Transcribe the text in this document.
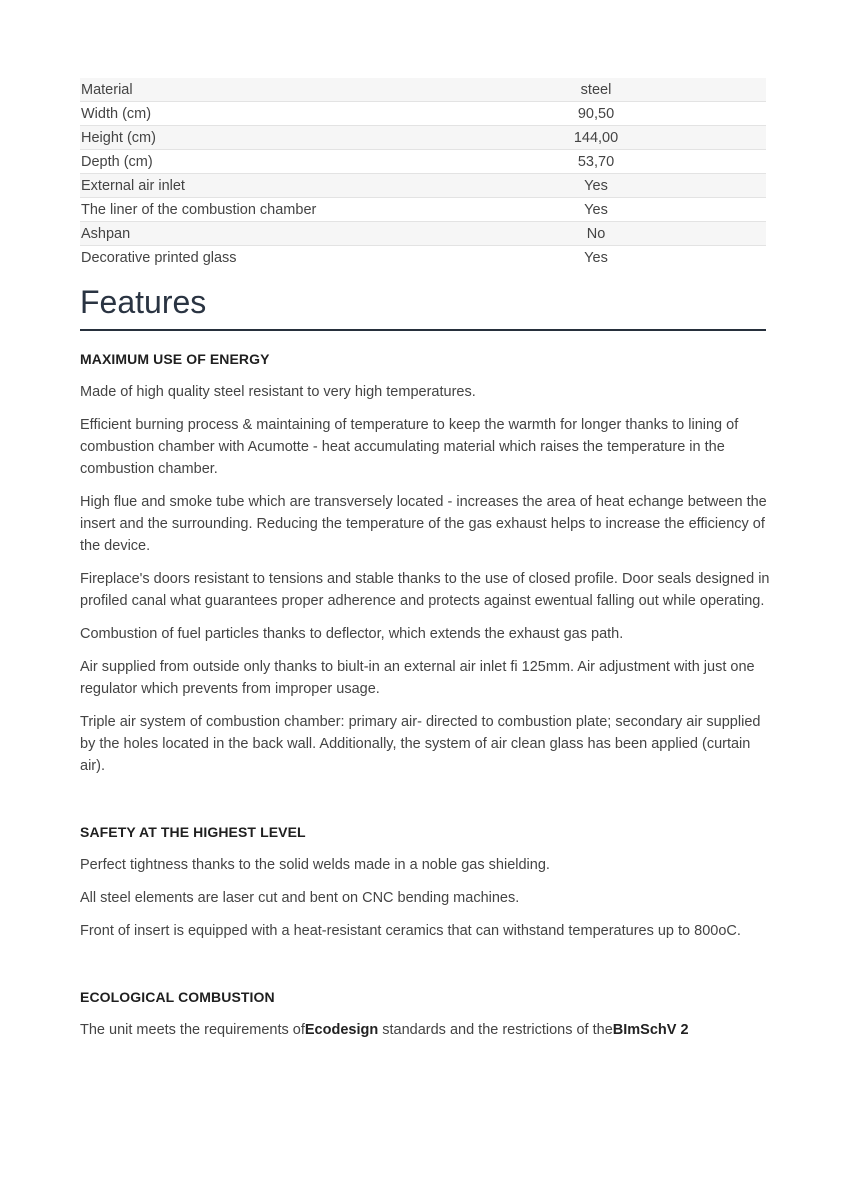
Material	steel
Width (cm)	90,50
Height (cm)	144,00
Depth (cm)	53,70
External air inlet	Yes
The liner of the combustion chamber	Yes
Ashpan	No
Decorative printed glass	Yes
Features

MAXIMUM USE OF ENERGY

Made of high quality steel resistant to very high temperatures.

Efficient burning process & maintaining of temperature to keep the warmth for longer thanks to lining of combustion chamber with Acumotte - heat accumulating material which raises the temperature in the combustion chamber.

High flue and smoke tube which are transversely located - increases the area of heat echange between the insert and the surrounding. Reducing the temperature of the gas exhaust helps to increase the efficiency of the device.

Fireplace's doors resistant to tensions and stable thanks to the use of closed profile. Door seals designed in profiled canal what guarantees proper adherence and protects against ewentual falling out while operating.

Combustion of fuel particles thanks to deflector, which extends the exhaust gas path.

Air supplied from outside only thanks to biult-in an external air inlet fi 125mm. Air adjustment with just one regulator which prevents from improper usage.

Triple air system of combustion chamber: primary air- directed to combustion plate; secondary air supplied by the holes located in the back wall. Additionally, the system of air clean glass has been applied (curtain air).

SAFETY AT THE HIGHEST LEVEL

Perfect tightness thanks to the solid welds made in a noble gas shielding.

All steel elements are laser cut and bent on CNC bending machines.

Front of insert is equipped with a heat-resistant ceramics that can withstand temperatures up to 800oC.

ECOLOGICAL COMBUSTION

The unit meets the requirements ofEcodesign standards and the restrictions of theBImSchV 2
